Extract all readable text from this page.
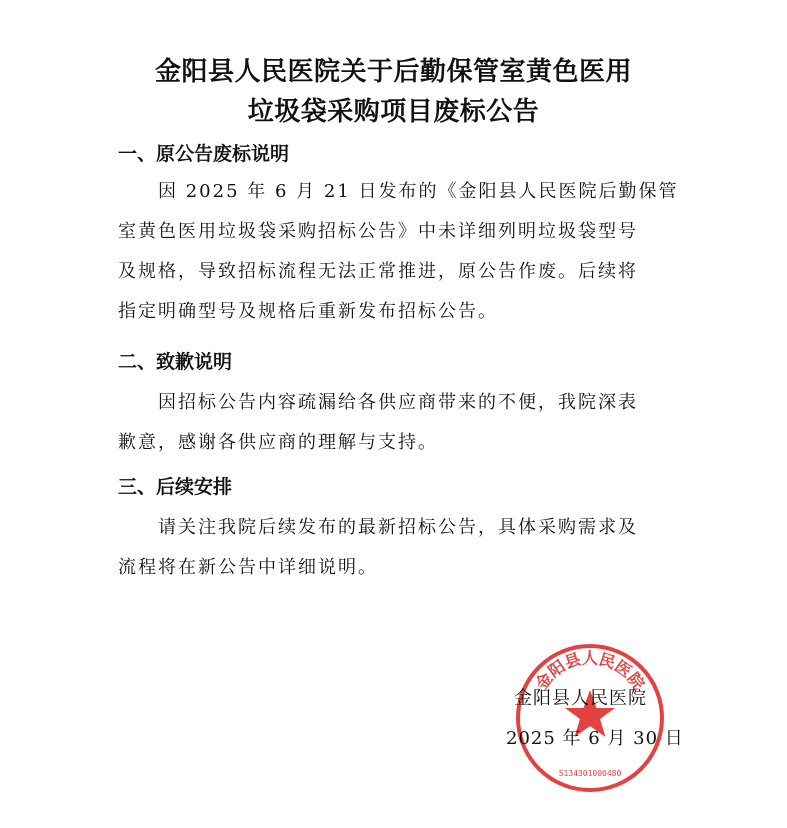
金阳县人民医院关于后勤保管室黄色医用
垃圾袋采购项目废标公告
一、原公告废标说明
因 2025 年 6 月 21 日发布的《金阳县人民医院后勤保管
室黄色医用垃圾袋采购招标公告》中未详细列明垃圾袋型号
及规格，导致招标流程无法正常推进，原公告作废。后续将
指定明确型号及规格后重新发布招标公告。
二、致歉说明
因招标公告内容疏漏给各供应商带来的不便，我院深表
歉意，感谢各供应商的理解与支持。
三、后续安排
请关注我院后续发布的最新招标公告，具体采购需求及
流程将在新公告中详细说明。
金阳县人民医院
5134301000480
金阳县人民医院
2025 年 6 月 30 日
